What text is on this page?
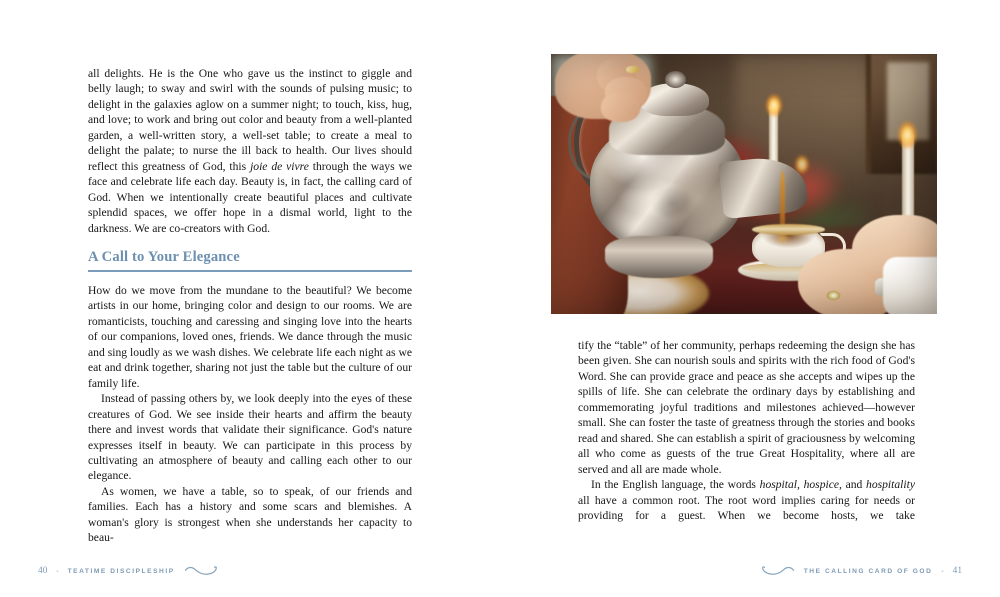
all delights. He is the One who gave us the instinct to giggle and belly laugh; to sway and swirl with the sounds of pulsing music; to delight in the galaxies aglow on a summer night; to touch, kiss, hug, and love; to work and bring out color and beauty from a well-planted garden, a well-written story, a well-set table; to create a meal to delight the palate; to nurse the ill back to health. Our lives should reflect this greatness of God, this joie de vivre through the ways we face and celebrate life each day. Beauty is, in fact, the calling card of God. When we intentionally create beautiful places and cultivate splendid spaces, we offer hope in a dismal world, light to the darkness. We are co-creators with God.

A Call to Your Elegance

How do we move from the mundane to the beautiful? We become artists in our home, bringing color and design to our rooms. We are romanticists, touching and caressing and singing love into the hearts of our companions, loved ones, friends. We dance through the music and sing loudly as we wash dishes. We celebrate life each night as we eat and drink together, sharing not just the table but the culture of our family life.

Instead of passing others by, we look deeply into the eyes of these creatures of God. We see inside their hearts and affirm the beauty there and invest words that validate their significance. God's nature expresses itself in beauty. We can participate in this process by cultivating an atmosphere of beauty and calling each other to our elegance.

As women, we have a table, so to speak, of our friends and families. Each has a history and some scars and blemishes. A woman's glory is strongest when she understands her capacity to beau-

40 - TEATIME DISCIPLESHIP

tify the “table” of her community, perhaps redeeming the design she has been given. She can nourish souls and spirits with the rich food of God's Word. She can provide grace and peace as she accepts and wipes up the spills of life. She can celebrate the ordinary days by establishing and commemorating joyful traditions and milestones achieved—however small. She can foster the taste of greatness through the stories and books read and shared. She can establish a spirit of graciousness by welcoming all who come as guests of the true Great Hospitality, where all are served and all are made whole.

In the English language, the words hospital, hospice, and hospitality all have a common root. The root word implies caring for needs or providing for a guest. When we become hosts, we take

THE CALLING CARD OF GOD - 41
